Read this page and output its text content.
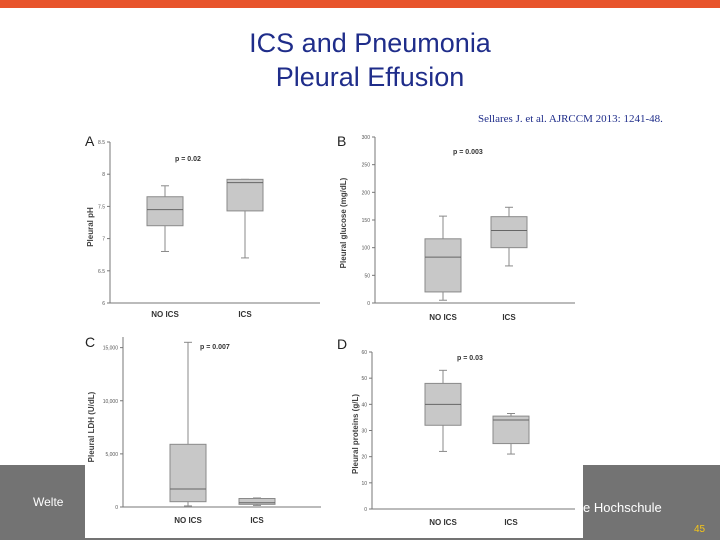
ICS and Pneumonia
Pleural Effusion
Sellares J. et al. AJRCCM 2013: 1241-48.
Welte	e Hochschule
45
A
6
6.5
7
7.5
8
8.5
Pleural pH
p = 0.02
NO ICS	ICS
B
0
50
100
150
200
250
300
Pleural glucose (mg/dL)
p = 0.003
NO ICS	ICS
C
0
5,000
10,000
15,000
Pleural LDH (U/dL)
p = 0.007
NO ICS	ICS
D
0
10
20
30
40
50
60
Pleural proteins (g/L)
p = 0.03
NO ICS	ICS
